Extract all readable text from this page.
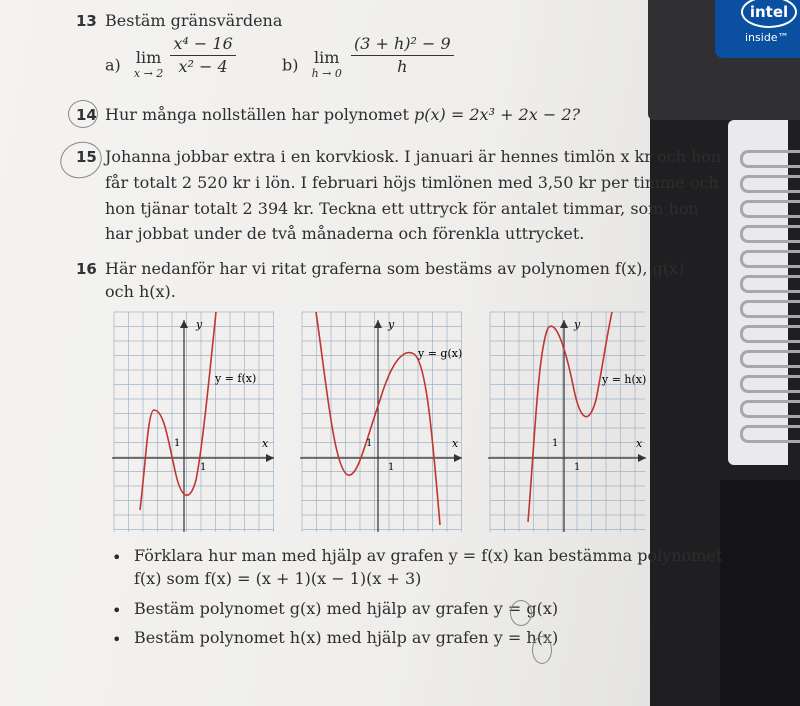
intel
inside™
13 Bestäm gränsvärdena
a) lim
x → 2
$\frac{\text{x⁴ − 16}}{\text{x² − 4}}$	b) lim
h → 0
$\frac{\text{(3 + h)² − 9}}{h}$
14 Hur många nollställen har polynomet p(x) = 2x³ + 2x − 2?
15 Johanna jobbar extra i en korvkiosk. I januari är hennes timlön x kr och hon
får totalt 2 520 kr i lön. I februari höjs timlönen med 3,50 kr per timme och
hon tjänar totalt 2 394 kr. Teckna ett uttryck för antalet timmar, som hon
har jobbat under de två månaderna och förenkla uttrycket.
16 Här nedanför har vi ritat graferna som bestäms av polynomen f(x), g(x)
och h(x).
x
y
y = f(x)
1
1
x
y
y = g(x)
1
1
x
y
y = h(x)
1
1
• Förklara hur man med hjälp av grafen y = f(x) kan bestämma polynomet
f(x) som f(x) = (x + 1)(x − 1)(x + 3)
• Bestäm polynomet g(x) med hjälp av grafen y = g(x)
• Bestäm polynomet h(x) med hjälp av grafen y = h(x)
